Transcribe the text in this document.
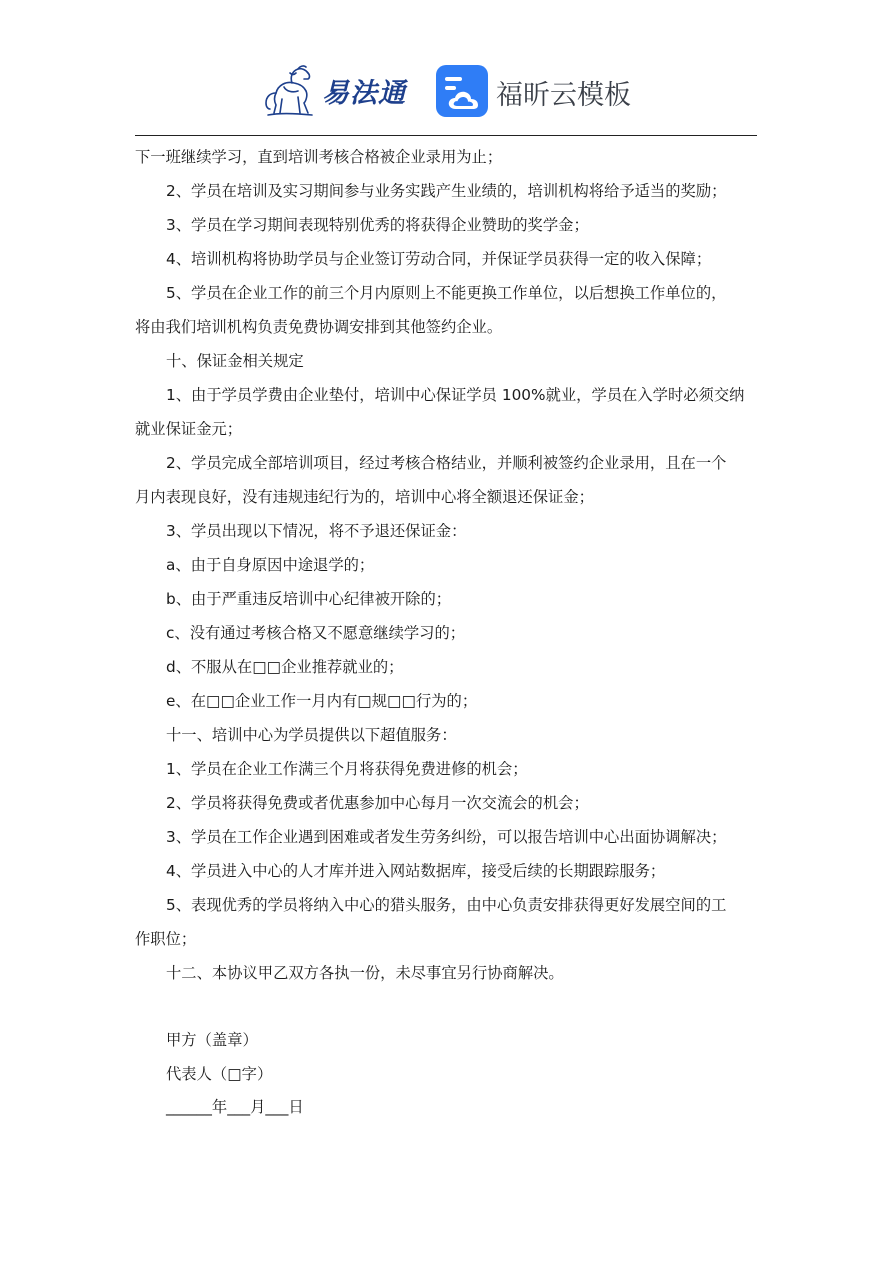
易法通	福昕云模板

下一班继续学习，直到培训考核合格被企业录用为止；

2、学员在培训及实习期间参与业务实践产生业绩的，培训机构将给予适当的奖励；

3、学员在学习期间表现特别优秀的将获得企业赞助的奖学金；

4、培训机构将协助学员与企业签订劳动合同，并保证学员获得一定的收入保障；

5、学员在企业工作的前三个月内原则上不能更换工作单位，以后想换工作单位的，

将由我们培训机构负责免费协调安排到其他签约企业。

十、保证金相关规定

1、由于学员学费由企业垫付，培训中心保证学员 100%就业，学员在入学时必须交纳

就业保证金元；

2、学员完成全部培训项目，经过考核合格结业，并顺利被签约企业录用，且在一个

月内表现良好，没有违规违纪行为的，培训中心将全额退还保证金；

3、学员出现以下情况，将不予退还保证金：

a、由于自身原因中途退学的；

b、由于严重违反培训中心纪律被开除的；

c、没有通过考核合格又不愿意继续学习的；

d、不服从在□□企业推荐就业的；

e、在□□企业工作一月内有□规□□行为的；

十一、培训中心为学员提供以下超值服务：

1、学员在企业工作满三个月将获得免费进修的机会；

2、学员将获得免费或者优惠参加中心每月一次交流会的机会；

3、学员在工作企业遇到困难或者发生劳务纠纷，可以报告培训中心出面协调解决；

4、学员进入中心的人才库并进入网站数据库，接受后续的长期跟踪服务；

5、表现优秀的学员将纳入中心的猎头服务，由中心负责安排获得更好发展空间的工

作职位；

十二、本协议甲乙双方各执一份，未尽事宜另行协商解决。

甲方（盖章）

代表人（□字）

______年___月___日
